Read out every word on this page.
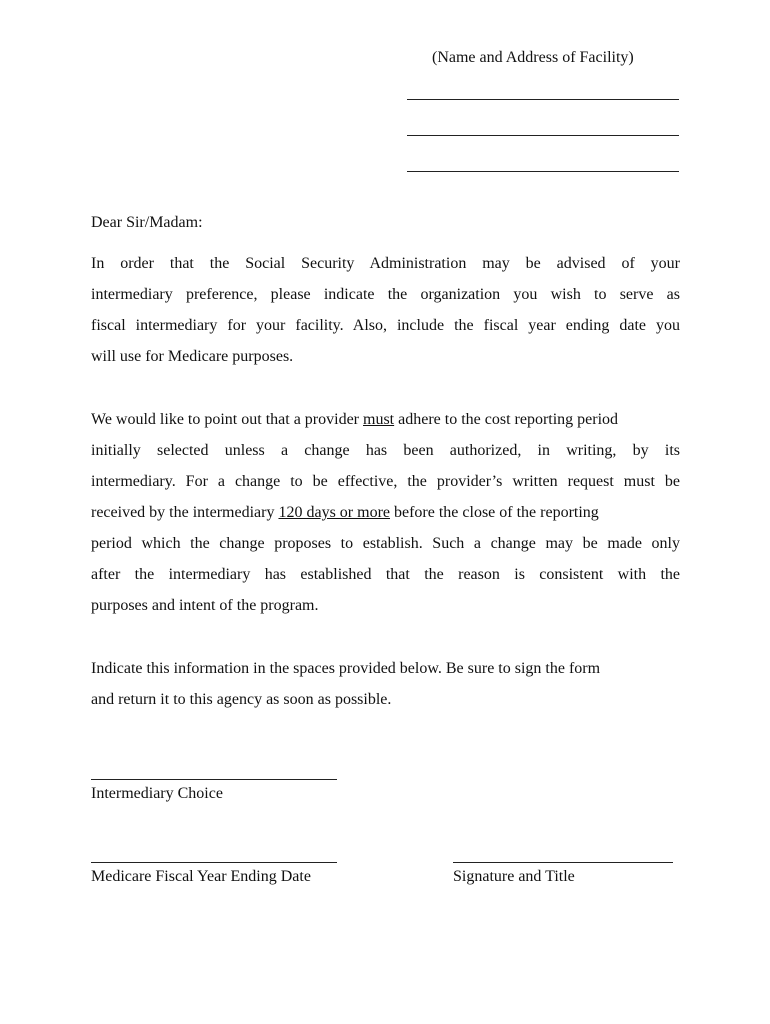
(Name and Address of Facility)
Dear Sir/Madam:
In order that the Social Security Administration may be advised of your
intermediary preference, please indicate the organization you wish to serve as
fiscal intermediary for your facility. Also, include the fiscal year ending date you
will use for Medicare purposes.
We would like to point out that a provider must adhere to the cost reporting period
initially selected unless a change has been authorized, in writing, by its
intermediary. For a change to be effective, the provider’s written request must be
received by the intermediary 120 days or more before the close of the reporting
period which the change proposes to establish. Such a change may be made only
after the intermediary has established that the reason is consistent with the
purposes and intent of the program.
Indicate this information in the spaces provided below. Be sure to sign the form
and return it to this agency as soon as possible.
Intermediary Choice
Medicare Fiscal Year Ending Date	Signature and Title
